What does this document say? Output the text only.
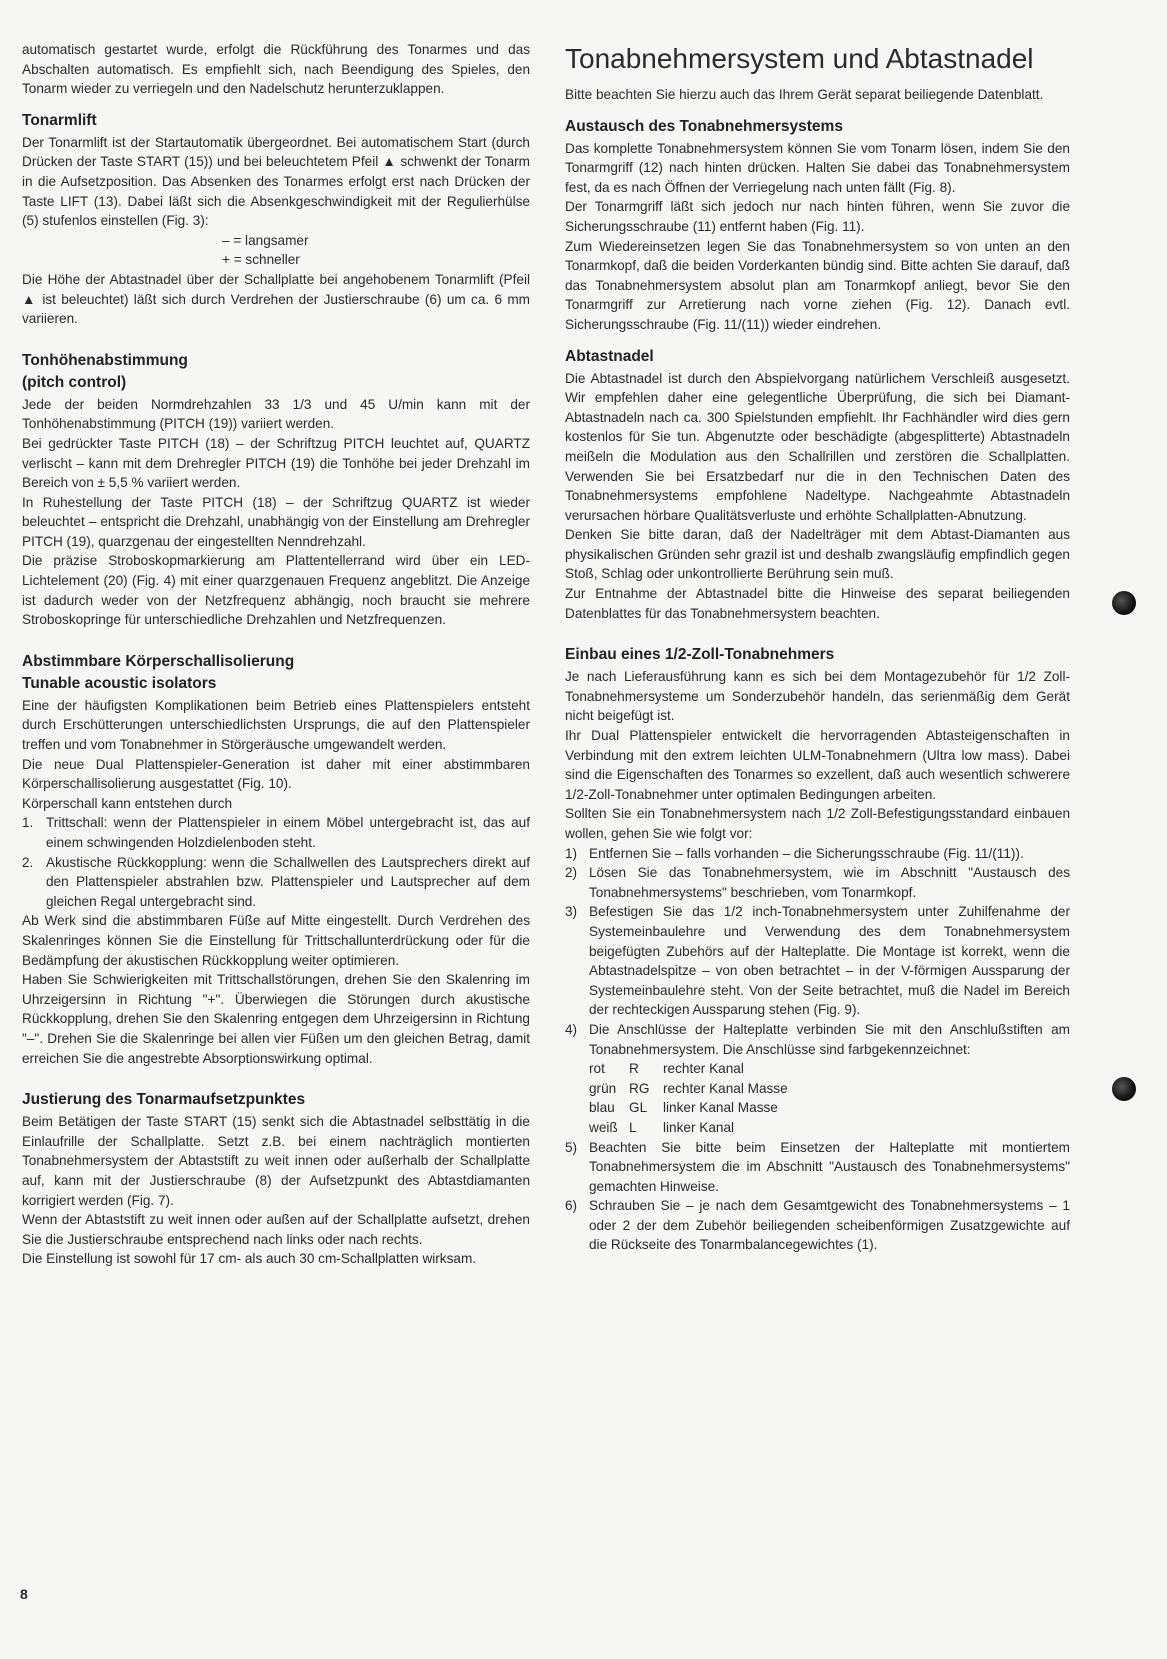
automatisch gestartet wurde, erfolgt die Rückführung des Tonarmes und das Abschalten automatisch. Es empfiehlt sich, nach Beendigung des Spieles, den Tonarm wieder zu verriegeln und den Nadelschutz herunterzuklappen.

Tonarmlift

Der Tonarmlift ist der Startautomatik übergeordnet. Bei automatischem Start (durch Drücken der Taste START (15)) und bei beleuchtetem Pfeil ▲ schwenkt der Tonarm in die Aufsetzposition. Das Absenken des Tonarmes erfolgt erst nach Drücken der Taste LIFT (13). Dabei läßt sich die Absenkgeschwindigkeit mit der Regulierhülse (5) stufenlos einstellen (Fig. 3):

– = langsamer

+ = schneller

Die Höhe der Abtastnadel über der Schallplatte bei angehobenem Tonarmlift (Pfeil ▲ ist beleuchtet) läßt sich durch Verdrehen der Justierschraube (6) um ca. 6 mm variieren.

Tonhöhenabstimmung
(pitch control)

Jede der beiden Normdrehzahlen 33 1/3 und 45 U/min kann mit der Tonhöhenabstimmung (PITCH (19)) variiert werden.

Bei gedrückter Taste PITCH (18) – der Schriftzug PITCH leuchtet auf, QUARTZ verlischt – kann mit dem Drehregler PITCH (19) die Tonhöhe bei jeder Drehzahl im Bereich von ± 5,5 % variiert werden.

In Ruhestellung der Taste PITCH (18) – der Schriftzug QUARTZ ist wieder beleuchtet – entspricht die Drehzahl, unabhängig von der Einstellung am Drehregler PITCH (19), quarzgenau der eingestellten Nenndrehzahl.

Die präzise Stroboskopmarkierung am Plattentellerrand wird über ein LED-Lichtelement (20) (Fig. 4) mit einer quarzgenauen Frequenz angeblitzt. Die Anzeige ist dadurch weder von der Netzfrequenz abhängig, noch braucht sie mehrere Stroboskopringe für unterschiedliche Drehzahlen und Netzfrequenzen.

Abstimmbare Körperschallisolierung
Tunable acoustic isolators

Eine der häufigsten Komplikationen beim Betrieb eines Plattenspielers entsteht durch Erschütterungen unterschiedlichsten Ursprungs, die auf den Plattenspieler treffen und vom Tonabnehmer in Störgeräusche umgewandelt werden.

Die neue Dual Plattenspieler-Generation ist daher mit einer abstimmbaren Körperschallisolierung ausgestattet (Fig. 10).

Körperschall kann entstehen durch

1. Trittschall: wenn der Plattenspieler in einem Möbel untergebracht ist, das auf einem schwingenden Holzdielenboden steht.
2. Akustische Rückkopplung: wenn die Schallwellen des Lautsprechers direkt auf den Plattenspieler abstrahlen bzw. Plattenspieler und Lautsprecher auf dem gleichen Regal untergebracht sind.

Ab Werk sind die abstimmbaren Füße auf Mitte eingestellt. Durch Verdrehen des Skalenringes können Sie die Einstellung für Trittschallunterdrückung oder für die Bedämpfung der akustischen Rückkopplung weiter optimieren.

Haben Sie Schwierigkeiten mit Trittschallstörungen, drehen Sie den Skalenring im Uhrzeigersinn in Richtung "+". Überwiegen die Störungen durch akustische Rückkopplung, drehen Sie den Skalenring entgegen dem Uhrzeigersinn in Richtung "–". Drehen Sie die Skalenringe bei allen vier Füßen um den gleichen Betrag, damit erreichen Sie die angestrebte Absorptionswirkung optimal.

Justierung des Tonarmaufsetzpunktes

Beim Betätigen der Taste START (15) senkt sich die Abtastnadel selbsttätig in die Einlaufrille der Schallplatte. Setzt z.B. bei einem nachträglich montierten Tonabnehmersystem der Abtaststift zu weit innen oder außerhalb der Schallplatte auf, kann mit der Justierschraube (8) der Aufsetzpunkt des Abtastdiamanten korrigiert werden (Fig. 7).

Wenn der Abtaststift zu weit innen oder außen auf der Schallplatte aufsetzt, drehen Sie die Justierschraube entsprechend nach links oder nach rechts.

Die Einstellung ist sowohl für 17 cm- als auch 30 cm-Schallplatten wirksam.

Tonabnehmersystem und Abtastnadel

Bitte beachten Sie hierzu auch das Ihrem Gerät separat beiliegende Datenblatt.

Austausch des Tonabnehmersystems

Das komplette Tonabnehmersystem können Sie vom Tonarm lösen, indem Sie den Tonarmgriff (12) nach hinten drücken. Halten Sie dabei das Tonabnehmersystem fest, da es nach Öffnen der Verriegelung nach unten fällt (Fig. 8).

Der Tonarmgriff läßt sich jedoch nur nach hinten führen, wenn Sie zuvor die Sicherungsschraube (11) entfernt haben (Fig. 11).

Zum Wiedereinsetzen legen Sie das Tonabnehmersystem so von unten an den Tonarmkopf, daß die beiden Vorderkanten bündig sind. Bitte achten Sie darauf, daß das Tonabnehmersystem absolut plan am Tonarmkopf anliegt, bevor Sie den Tonarmgriff zur Arretierung nach vorne ziehen (Fig. 12). Danach evtl. Sicherungsschraube (Fig. 11/(11)) wieder eindrehen.

Abtastnadel

Die Abtastnadel ist durch den Abspielvorgang natürlichem Verschleiß ausgesetzt. Wir empfehlen daher eine gelegentliche Überprüfung, die sich bei Diamant-Abtastnadeln nach ca. 300 Spielstunden empfiehlt. Ihr Fachhändler wird dies gern kostenlos für Sie tun. Abgenutzte oder beschädigte (abgesplitterte) Abtastnadeln meißeln die Modulation aus den Schallrillen und zerstören die Schallplatten. Verwenden Sie bei Ersatzbedarf nur die in den Technischen Daten des Tonabnehmersystems empfohlene Nadeltype. Nachgeahmte Abtastnadeln verursachen hörbare Qualitätsverluste und erhöhte Schallplatten-Abnutzung.

Denken Sie bitte daran, daß der Nadelträger mit dem Abtast-Diamanten aus physikalischen Gründen sehr grazil ist und deshalb zwangsläufig empfindlich gegen Stoß, Schlag oder unkontrollierte Berührung sein muß.

Zur Entnahme der Abtastnadel bitte die Hinweise des separat beiliegenden Datenblattes für das Tonabnehmersystem beachten.

Einbau eines 1/2-Zoll-Tonabnehmers

Je nach Lieferausführung kann es sich bei dem Montagezubehör für 1/2 Zoll-Tonabnehmersysteme um Sonderzubehör handeln, das serienmäßig dem Gerät nicht beigefügt ist.

Ihr Dual Plattenspieler entwickelt die hervorragenden Abtasteigenschaften in Verbindung mit den extrem leichten ULM-Tonabnehmern (Ultra low mass). Dabei sind die Eigenschaften des Tonarmes so exzellent, daß auch wesentlich schwerere 1/2-Zoll-Tonabnehmer unter optimalen Bedingungen arbeiten.

Sollten Sie ein Tonabnehmersystem nach 1/2 Zoll-Befestigungsstandard einbauen wollen, gehen Sie wie folgt vor:

1) Entfernen Sie – falls vorhanden – die Sicherungsschraube (Fig. 11/(11)).
2) Lösen Sie das Tonabnehmersystem, wie im Abschnitt "Austausch des Tonabnehmersystems" beschrieben, vom Tonarmkopf.
3) Befestigen Sie das 1/2 inch-Tonabnehmersystem unter Zuhilfenahme der Systemeinbaulehre und Verwendung des dem Tonabnehmersystem beigefügten Zubehörs auf der Halteplatte. Die Montage ist korrekt, wenn die Abtastnadelspitze – von oben betrachtet – in der V-förmigen Aussparung der Systemeinbaulehre steht. Von der Seite betrachtet, muß die Nadel im Bereich der rechteckigen Aussparung stehen (Fig. 9).
4) Die Anschlüsse der Halteplatte verbinden Sie mit den Anschlußstiften am Tonabnehmersystem. Die Anschlüsse sind farbgekennzeichnet:
rot R rechter Kanal
grün RG rechter Kanal Masse
blau GL linker Kanal Masse
weiß L linker Kanal
5) Beachten Sie bitte beim Einsetzen der Halteplatte mit montiertem Tonabnehmersystem die im Abschnitt "Austausch des Tonabnehmersystems" gemachten Hinweise.
6) Schrauben Sie – je nach dem Gesamtgewicht des Tonabnehmersystems – 1 oder 2 der dem Zubehör beiliegenden scheibenförmigen Zusatzgewichte auf die Rückseite des Tonarmbalancegewichtes (1).
8
